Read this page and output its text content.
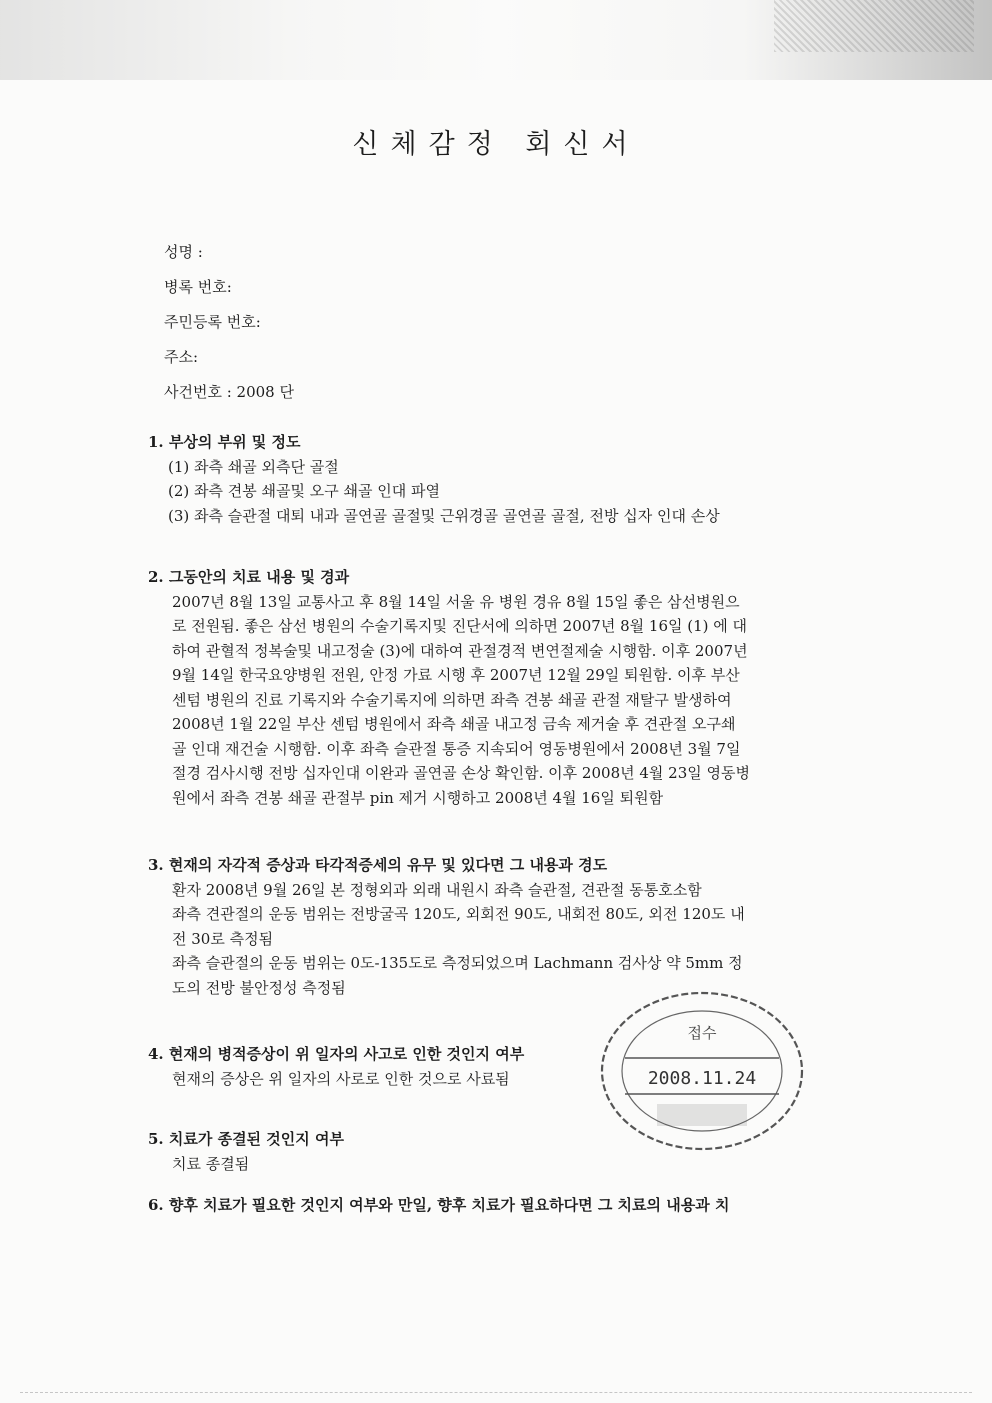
신체감정 회신서
성명 :
병록 번호:
주민등록 번호:
주소:
사건번호 : 2008 단
1. 부상의 부위 및 정도
(1) 좌측 쇄골 외측단 골절
(2) 좌측 견봉 쇄골및 오구 쇄골 인대 파열
(3) 좌측 슬관절 대퇴 내과 골연골 골절및 근위경골 골연골 골절, 전방 십자 인대 손상
2. 그동안의 치료 내용 및 경과

2007년 8월 13일 교통사고 후 8월 14일 서울 유 병원 경유 8월 15일 좋은 삼선병원으

로 전원됨. 좋은 삼선 병원의 수술기록지및 진단서에 의하면 2007년 8월 16일 (1) 에 대

하여 관혈적 정복술및 내고정술 (3)에 대하여 관절경적 변연절제술 시행함. 이후 2007년

9월 14일 한국요양병원 전원, 안정 가료 시행 후 2007년 12월 29일 퇴원함. 이후 부산

센텀 병원의 진료 기록지와 수술기록지에 의하면 좌측 견봉 쇄골 관절 재탈구 발생하여

2008년 1월 22일 부산 센텀 병원에서 좌측 쇄골 내고정 금속 제거술 후 견관절 오구쇄

골 인대 재건술 시행함. 이후 좌측 슬관절 통증 지속되어 영동병원에서 2008년 3월 7일

절경 검사시행 전방 십자인대 이완과 골연골 손상 확인함. 이후 2008년 4월 23일 영동병

원에서 좌측 견봉 쇄골 관절부 pin 제거 시행하고 2008년 4월 16일 퇴원함

3. 현재의 자각적 증상과 타각적증세의 유무 및 있다면 그 내용과 경도

환자 2008년 9월 26일 본 정형외과 외래 내원시 좌측 슬관절, 견관절 동통호소함

좌측 견관절의 운동 범위는 전방굴곡 120도, 외회전 90도, 내회전 80도, 외전 120도 내

전 30로 측정됨

좌측 슬관절의 운동 범위는 0도-135도로 측정되었으며 Lachmann 검사상 약 5mm 정

도의 전방 불안정성 측정됨

4. 현재의 병적증상이 위 일자의 사고로 인한 것인지 여부
현재의 증상은 위 일자의 사로로 인한 것으로 사료됨
5. 치료가 종결된 것인지 여부
치료 종결됨
6. 향후 치료가 필요한 것인지 여부와 만일, 향후 치료가 필요하다면 그 치료의 내용과 치
접수
2008.11.24
